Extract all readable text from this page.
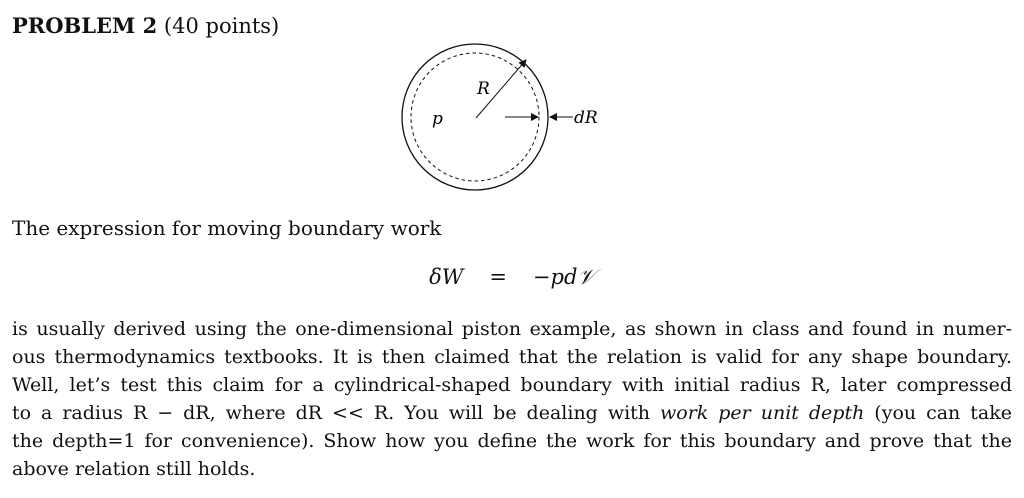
PROBLEM 2 (40 points)
R
p	dR
The expression for moving boundary work
δW = −pd𝒱
is usually derived using the one-dimensional piston example, as shown in class and found in numer-
ous thermodynamics textbooks. It is then claimed that the relation is valid for any shape boundary.
Well, let’s test this claim for a cylindrical-shaped boundary with initial radius R, later compressed
to a radius R − dR, where dR << R. You will be dealing with work per unit depth (you can take
the depth=1 for convenience). Show how you define the work for this boundary and prove that the
above relation still holds.
